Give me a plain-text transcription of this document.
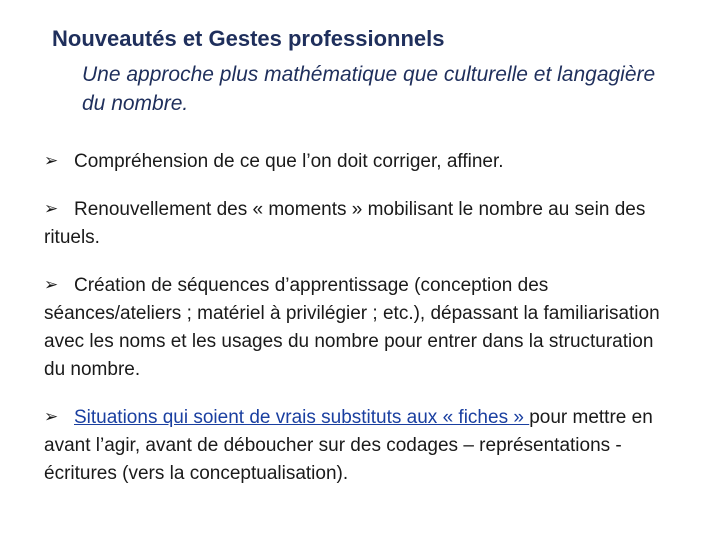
Nouveautés et Gestes professionnels
Une approche plus mathématique que culturelle et langagière du nombre.
➢ Compréhension de ce que l’on doit corriger, affiner.
➢ Renouvellement des « moments » mobilisant le nombre au sein des rituels.
➢ Création de séquences d’apprentissage (conception des séances/ateliers ; matériel à privilégier ; etc.), dépassant la familiarisation avec les noms et les usages du nombre pour entrer dans la structuration du nombre.
➢ Situations qui soient de vrais substituts aux « fiches » pour mettre en avant l’agir, avant de déboucher sur des codages – représentations - écritures (vers la conceptualisation).
